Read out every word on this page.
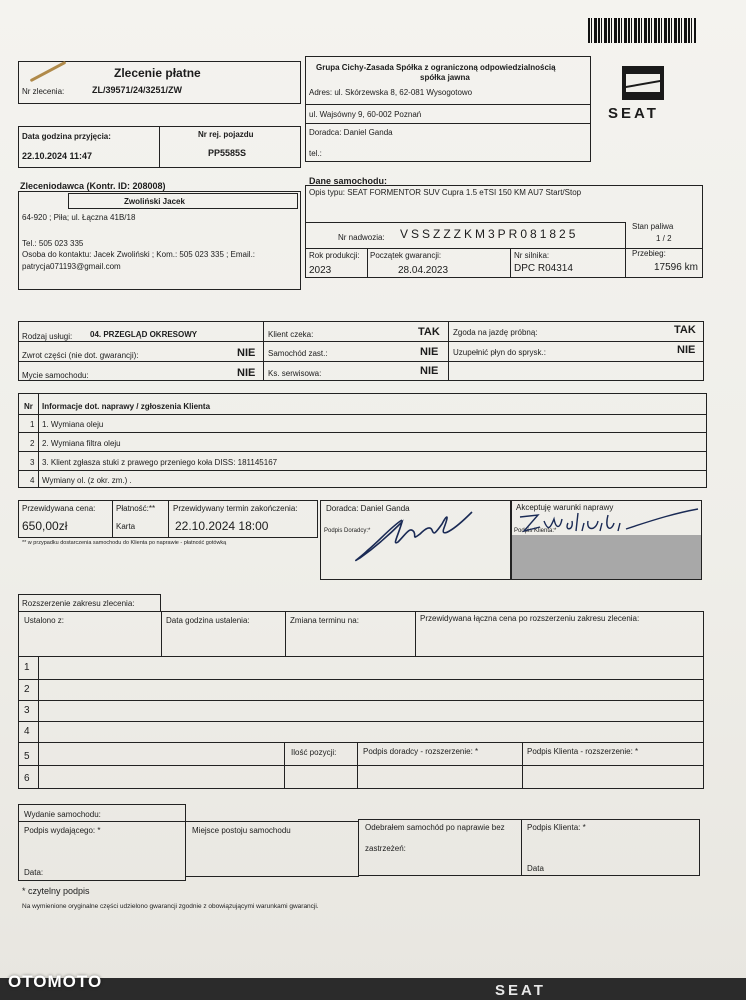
Zlecenie płatne
Nr zlecenia:	ZL/39571/24/3251/ZW
Data godzina przyjęcia:
22.10.2024 11:47
Nr rej. pojazdu
PP5585S
Grupa Cichy-Zasada Spółka z ograniczoną odpowiedzialnością
spółka jawna
Adres: ul. Skórzewska 8, 62-081 Wysogotowo
ul. Wajsówny 9, 60-002 Poznań
Doradca: Daniel Ganda
tel.:
SEAT
Zleceniodawca (Kontr. ID: 208008)
Zwoliński Jacek
64-920 ; Piła; ul. Łączna 41B/18
Tel.: 505 023 335
Osoba do kontaktu: Jacek Zwoliński ; Kom.: 505 023 335 ; Email.:
patrycja071193@gmail.com
Dane samochodu:
Opis typu: SEAT FORMENTOR SUV Cupra 1.5 eTSI 150 KM AU7 Start/Stop
Nr nadwozia: VSSZZZKM3PR081825
Stan paliwa
1 / 2
Rok produkcji:
2023
Początek gwarancji:
28.04.2023
Nr silnika:
DPC R04314
Przebieg:
17596 km
Rodzaj usługi: 04. PRZEGLĄD OKRESOWY	Klient czeka:	TAK Zgoda na jazdę próbną:	TAK
Zwrot części (nie dot. gwarancji):	NIE Samochód zast.:	NIE Uzupełnić płyn do sprysk.:	NIE
Mycie samochodu:	NIE Ks. serwisowa:	NIE
Nr Informacje dot. naprawy / zgłoszenia Klienta
1 1. Wymiana oleju
2 2. Wymiana filtra oleju
3 3. Klient zgłasza stuki z prawego przeniego koła DISS: 181145167
4 Wymiany ol. (z okr. zm.) .
Przewidywana cena:
650,00zł
Płatność:**
Karta
Przewidywany termin zakończenia:
22.10.2024 18:00
** w przypadku dostarczenia samochodu do Klienta po naprawie - płatność gotówką
Doradca: Daniel Ganda
Podpis Doradcy:*
Akceptuję warunki naprawy
Podpis Klienta:*
Rozszerzenie zakresu zlecenia:
Ustalono z:	Data godzina ustalenia:	Zmiana terminu na:	Przewidywana łączna cena po rozszerzeniu zakresu zlecenia:
1
2
3
4
5
6
Ilość pozycji:	Podpis doradcy - rozszerzenie: *	Podpis Klienta - rozszerzenie: *
Wydanie samochodu:
Podpis wydającego: *
Data:
Miejsce postoju samochodu	Odebrałem samochód po naprawie bez
zastrzeżeń:
Podpis Klienta: *
Data
* czytelny podpis
Na wymienione oryginalne części udzielono gwarancji zgodnie z obowiązującymi warunkami gwarancji.
SEAT
OTOMOTO
